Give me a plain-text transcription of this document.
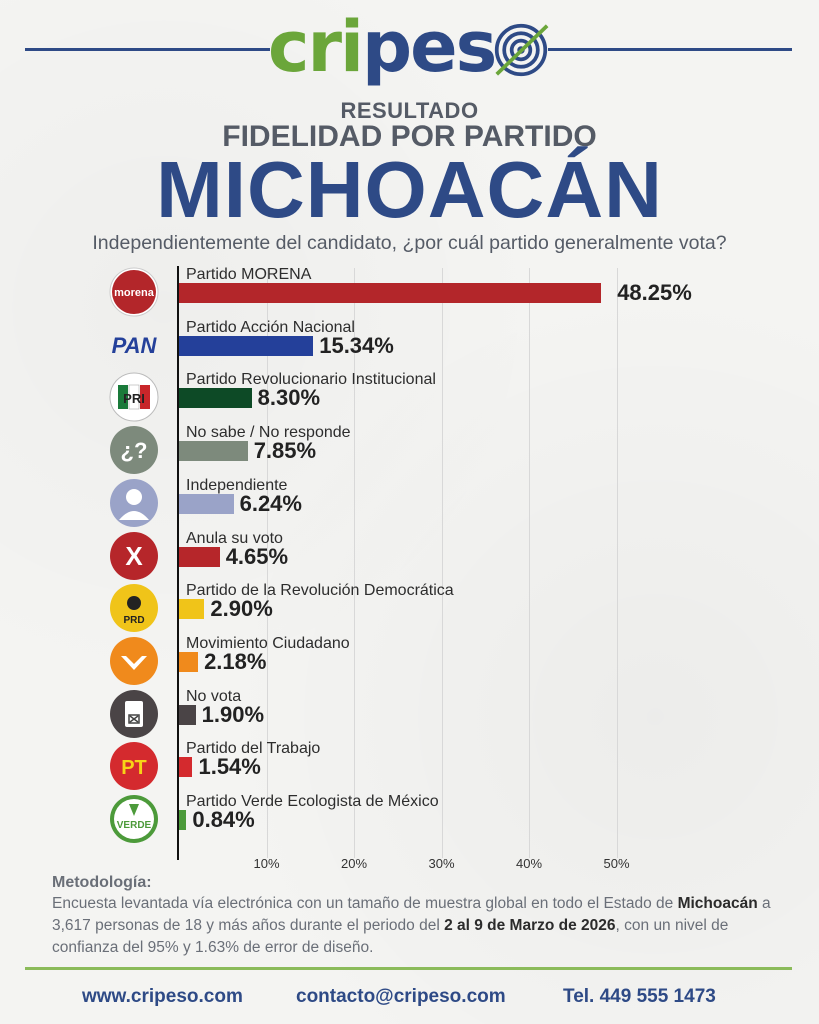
cri pes
RESULTADO
FIDELIDAD POR PARTIDO
MICHOACÁN
Independientemente del candidato, ¿por cuál partido generalmente vota?
10%	20%	30%	40%	50%
morena
Partido MORENA
48.25%
PAN
Partido Acción Nacional
15.34%
PRI
Partido Revolucionario Institucional
8.30%
¿?
No sabe / No responde
7.85%
Independiente
6.24%
X
Anula su voto
4.65%
PRD
Partido de la Revolución Democrática
2.90%
Movimiento Ciudadano
2.18%
No vota
1.90%
PT
Partido del Trabajo
1.54%
VERDE
Partido Verde Ecologista de México
0.84%
Metodología:
Encuesta levantada vía electrónica con un tamaño de muestra global en todo el Estado de Michoacán a 3,617 personas de 18 y más años durante el periodo del 2 al 9 de Marzo de 2026, con un nivel de confianza del 95% y 1.63% de error de diseño.
www.cripeso.com	contacto@cripeso.com	Tel. 449 555 1473
